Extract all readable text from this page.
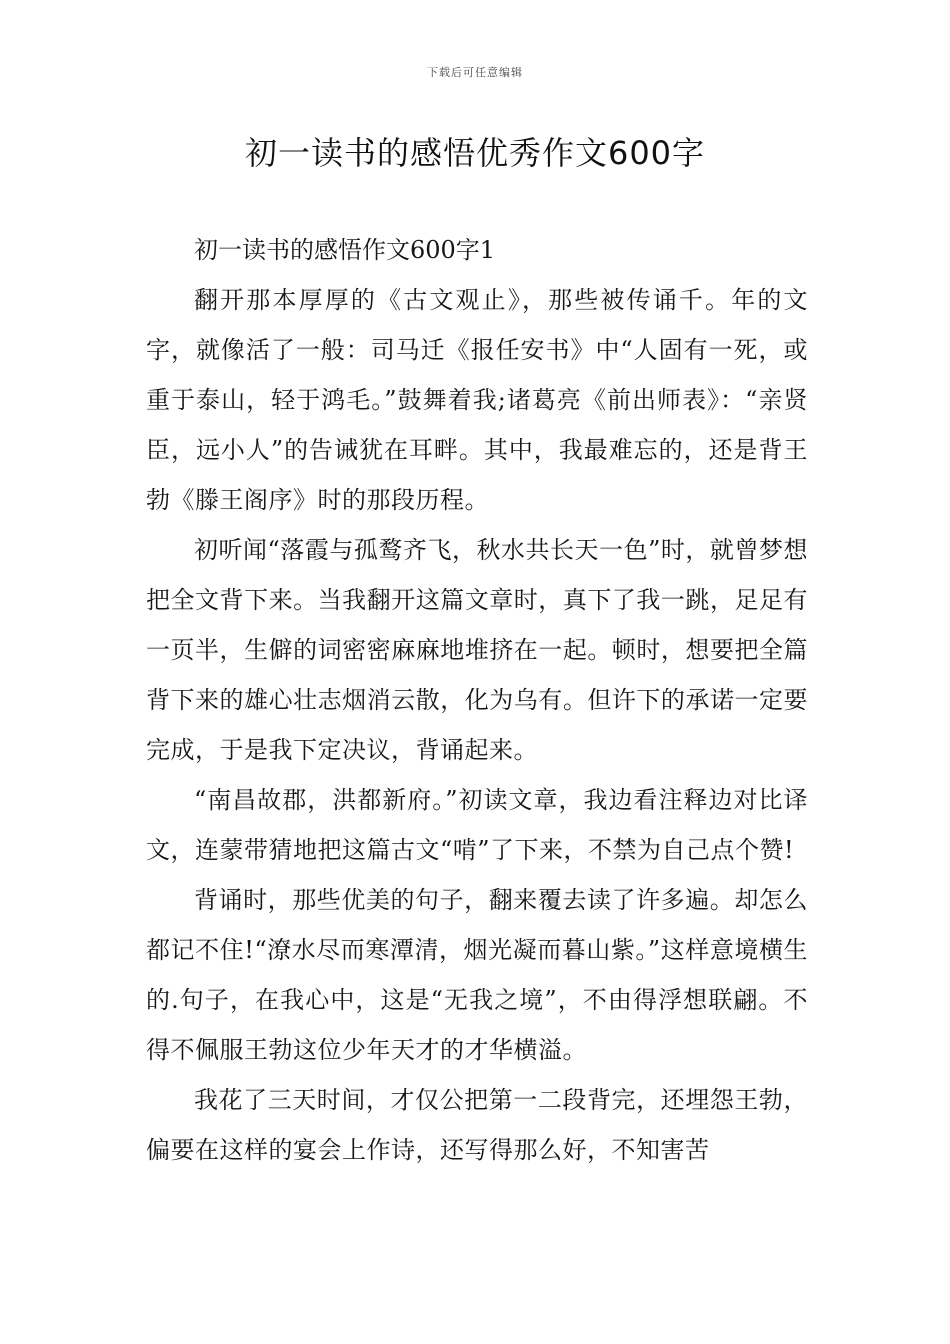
下载后可任意编辑
初一读书的感悟优秀作文600字

初一读书的感悟作文600字1

翻开那本厚厚的《古文观止》，那些被传诵千。年的文字，就像活了一般：司马迁《报任安书》中“人固有一死，或重于泰山，轻于鸿毛。”鼓舞着我;诸葛亮《前出师表》：“亲贤臣，远小人”的告诫犹在耳畔。其中，我最难忘的，还是背王勃《滕王阁序》时的那段历程。

初听闻“落霞与孤鹜齐飞，秋水共长天一色”时，就曾梦想把全文背下来。当我翻开这篇文章时，真下了我一跳，足足有一页半，生僻的词密密麻麻地堆挤在一起。顿时，想要把全篇背下来的雄心壮志烟消云散，化为乌有。但许下的承诺一定要完成，于是我下定决议，背诵起来。

“南昌故郡，洪都新府。”初读文章，我边看注释边对比译文，连蒙带猜地把这篇古文“啃”了下来，不禁为自己点个赞!

背诵时，那些优美的句子，翻来覆去读了许多遍。却怎么都记不住!“潦水尽而寒潭清，烟光凝而暮山紫。”这样意境横生的.句子，在我心中，这是“无我之境”，不由得浮想联翩。不得不佩服王勃这位少年天才的才华横溢。

我花了三天时间，才仅公把第一二段背完，还埋怨王勃，偏要在这样的宴会上作诗，还写得那么好，不知害苦
